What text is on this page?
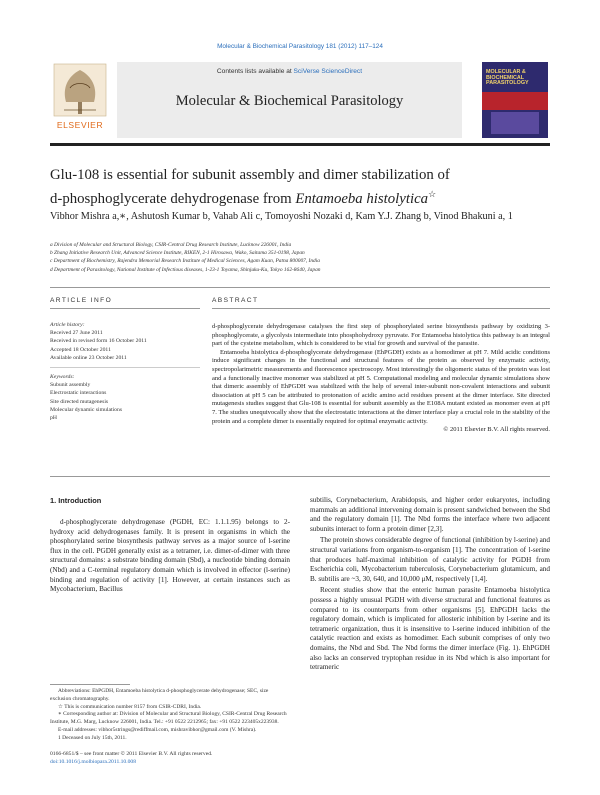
Molecular & Biochemical Parasitology 181 (2012) 117–124
ELSEVIER
Contents lists available at SciVerse ScienceDirect
Molecular & Biochemical Parasitology
MOLECULAR & BIOCHEMICAL PARASITOLOGY
Glu-108 is essential for subunit assembly and dimer stabilization of
d-phosphoglycerate dehydrogenase from Entamoeba histolytica☆
Vibhor Mishra a,∗, Ashutosh Kumar b, Vahab Ali c, Tomoyoshi Nozaki d, Kam Y.J. Zhang b, Vinod Bhakuni a, 1
a Division of Molecular and Structural Biology, CSIR-Central Drug Research Institute, Lucknow 226001, India
b Zhang Initiative Research Unit, Advanced Science Institute, RIKEN, 2-1 Hirosawa, Wako, Saitama 351-0198, Japan
c Department of Biochemistry, Rajendra Memorial Research Institute of Medical Sciences, Agam Kuan, Patna 800007, India
d Department of Parasitology, National Institute of Infectious diseases, 1-23-1 Toyama, Shinjuku-Ku, Tokyo 162-8640, Japan
ARTICLE INFO
Article history:
Received 27 June 2011
Received in revised form 16 October 2011
Accepted 18 October 2011
Available online 23 October 2011
Keywords:
Subunit assembly
Electrostatic interactions
Site directed mutagenesis
Molecular dynamic simulations
pH
ABSTRACT

d-phosphoglycerate dehydrogenase catalyses the first step of phosphorylated serine biosynthesis pathway by oxidizing 3-phosphoglycerate, a glycolysis intermediate into phosphohydroxy pyruvate. For Entamoeba histolytica this pathway is an integral part of the cysteine metabolism, which is considered to be vital for growth and survival of the parasite.

Entamoeba histolytica d-phosphoglycerate dehydrogenase (EhPGDH) exists as a homodimer at pH 7. Mild acidic conditions induce significant changes in the functional and structural features of the protein as observed by enzymatic activity, spectropolarimetric measurements and fluorescence spectroscopy. Most interestingly the oligomeric status of the protein was lost and a functionally inactive monomer was stabilized at pH 5. Computational modeling and molecular dynamic simulations show that dimeric assembly of EhPGDH was stabilized with the help of several inter-subunit non-covalent interactions and subunit dissociation at pH 5 can be attributed to protonation of acidic amino acid residues present at the dimer interface. Site directed mutagenesis studies suggest that Glu-108 is essential for subunit assembly as the E108A mutant existed as monomer even at pH 7. The studies unequivocally show that the electrostatic interactions at the dimer interface play a crucial role in the stability of the protein and a complete dimer is essentially required for optimal enzymatic activity.

© 2011 Elsevier B.V. All rights reserved.
1. Introduction

d-phosphoglycerate dehydrogenase (PGDH, EC: 1.1.1.95) belongs to 2-hydroxy acid dehydrogenases family. It is present in organisms in which the phosphorylated serine biosynthesis pathway serves as a major source of l-serine flux in the cell. PGDH generally exist as a tetramer, i.e. dimer-of-dimer with three structural domains: a substrate binding domain (Sbd), a nucleotide binding domain (Nbd) and a C-terminal regulatory domain which is involved in effector (l-serine) binding and regulation of activity [1]. However, at certain instances such as Mycobacterium, Bacillus

subtilis, Corynebacterium, Arabidopsis, and higher order eukaryotes, including mammals an additional intervening domain is present sandwiched between the Sbd and the regulatory domain [1]. The Nbd forms the interface where two adjacent subunits interact to form a protein dimer [2,3].

The protein shows considerable degree of functional (inhibition by l-serine) and structural variations from organism-to-organism [1]. The concentration of l-serine that produces half-maximal inhibition of catalytic activity for PGDH from Escherichia coli, Mycobacterium tuberculosis, Corynebacterium glutamicum, and B. subtilis are ~3, 30, 640, and 10,000 μM, respectively [1,4].

Recent studies show that the enteric human parasite Entamoeba histolytica possess a highly unusual PGDH with diverse structural and functional features as compared to its counterparts from other organisms [5]. EhPGDH lacks the regulatory domain, which is implicated for allosteric inhibition by l-serine and its tetrameric organization, thus it is insensitive to l-serine induced inhibition of the catalytic reaction and exists as homodimer. Each subunit comprises of only two domains, the Nbd and Sbd. The Nbd forms the dimer interface (Fig. 1). EhPGDH also lacks an conserved tryptophan residue in its Nbd which is also important for tetrameric

Abbreviations: EhPGDH, Entamoeba histolytica d-phosphoglycerate dehydrogenase; SEC, size exclusion chromatography.

☆ This is communication number 8157 from CSIR-CDRI, India.

∗ Corresponding author at: Division of Molecular and Structural Biology, CSIR-Central Drug Research Institute, M.G. Marg, Lucknow 226001, India. Tel.: +91 0522 2212965; fax: +91 0522 223405x223938.

E-mail addresses: vibhor5strings@rediffmail.com, mishravibhor@gmail.com (V. Mishra).

1 Deceased on July 15th, 2011.

0166-6851/$ – see front matter © 2011 Elsevier B.V. All rights reserved.
doi:10.1016/j.molbiopara.2011.10.008
